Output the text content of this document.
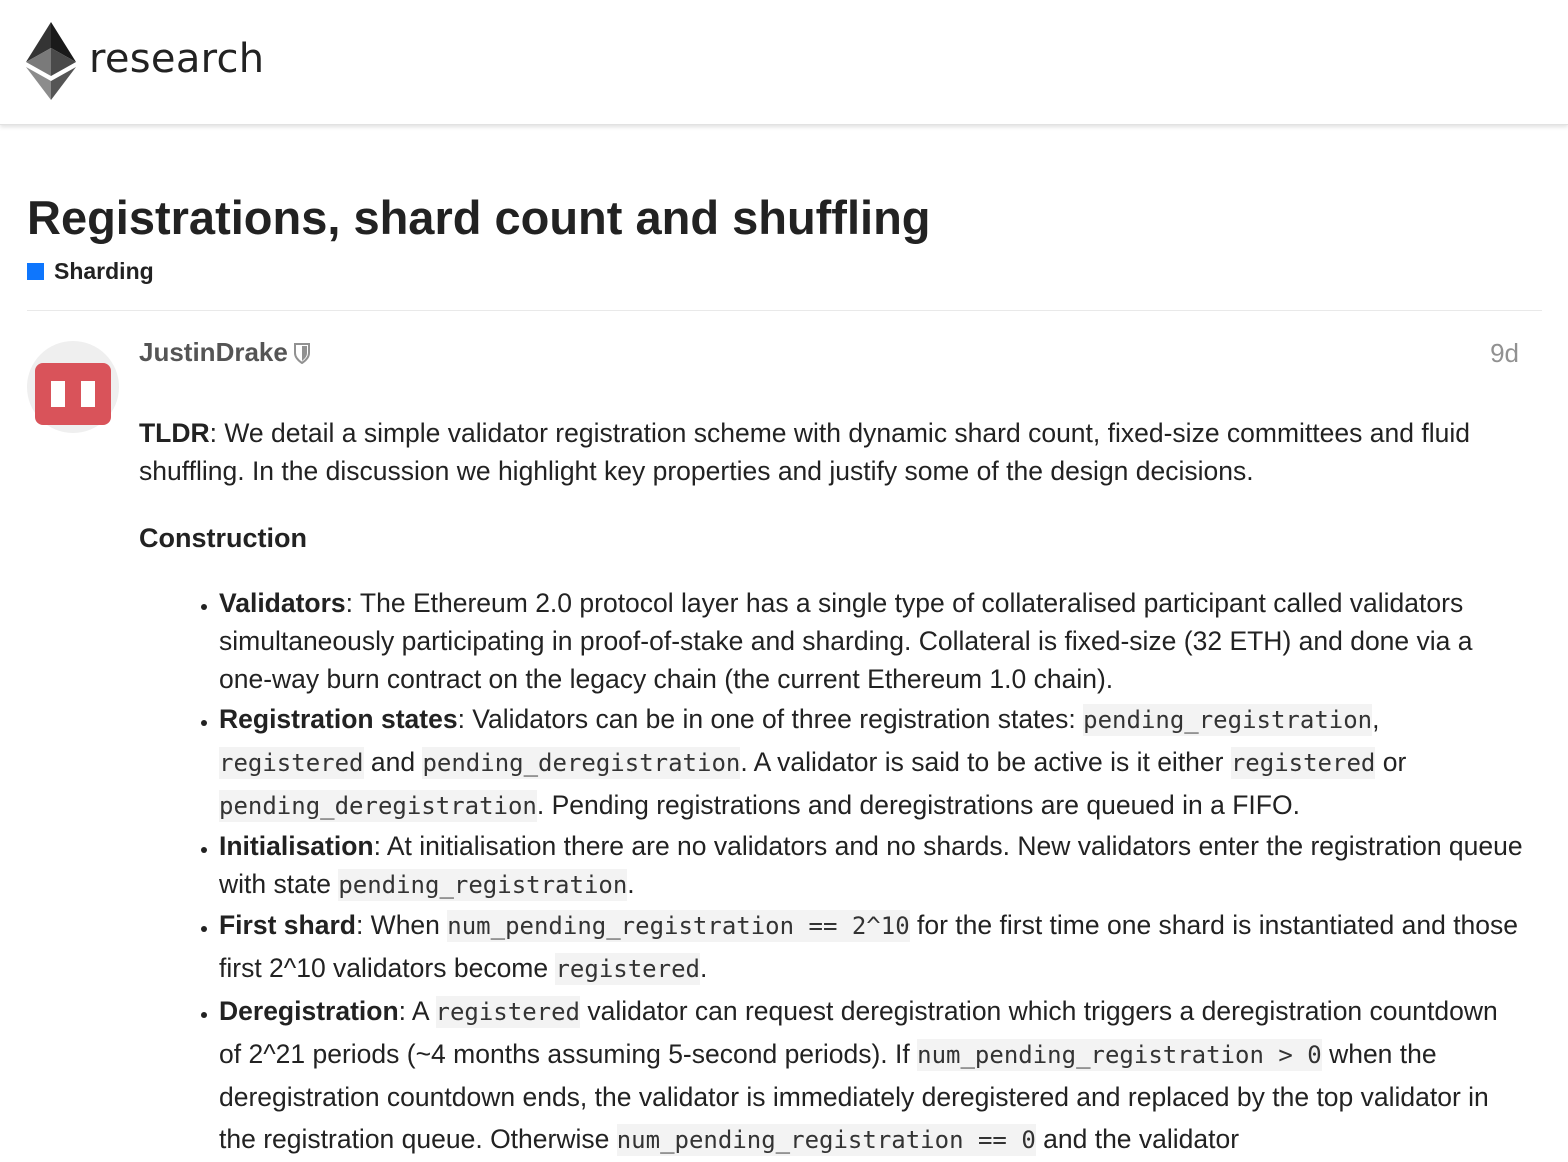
research
Registrations, shard count and shuffling
Sharding
JustinDrake	9d

TLDR: We detail a simple validator registration scheme with dynamic shard count, fixed-size committees and fluid shuffling. In the discussion we highlight key properties and justify some of the design decisions.

Construction
• Validators: The Ethereum 2.0 protocol layer has a single type of collateralised participant called validators simultaneously participating in proof-of-stake and sharding. Collateral is fixed-size (32 ETH) and done via a one-way burn contract on the legacy chain (the current Ethereum 1.0 chain).
• Registration states: Validators can be in one of three registration states: pending_registration, registered and pending_deregistration. A validator is said to be active is it either registered or pending_deregistration. Pending registrations and deregistrations are queued in a FIFO.
• Initialisation: At initialisation there are no validators and no shards. New validators enter the registration queue with state pending_registration.
• First shard: When num_pending_registration == 2^10 for the first time one shard is instantiated and those first 2^10 validators become registered.
• Deregistration: A registered validator can request deregistration which triggers a deregistration countdown of 2^21 periods (~4 months assuming 5-second periods). If num_pending_registration > 0 when the deregistration countdown ends, the validator is immediately deregistered and replaced by the top validator in the registration queue. Otherwise num_pending_registration == 0 and the validator
